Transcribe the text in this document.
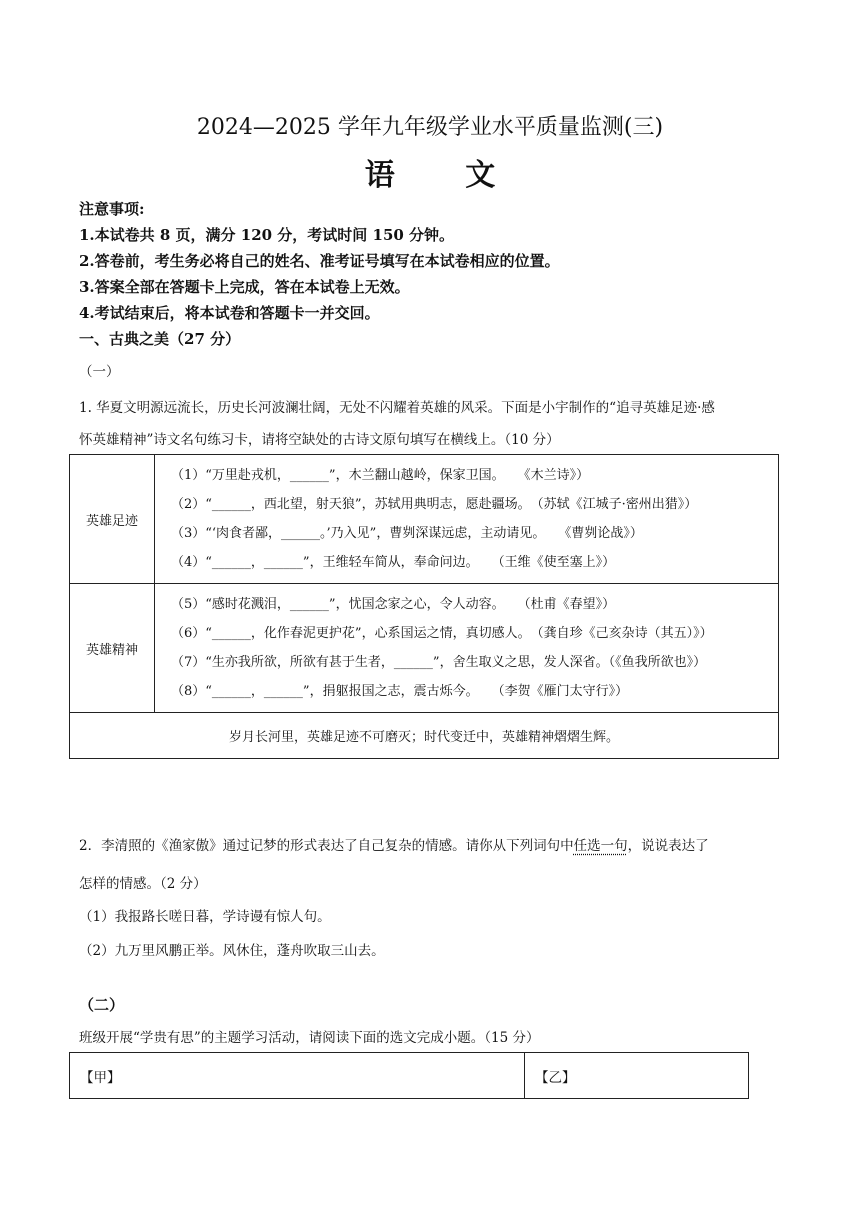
2024—2025 学年九年级学业水平质量监测(三)
语 文
注意事项:
1.本试卷共 8 页，满分 120 分，考试时间 150 分钟。
2.答卷前，考生务必将自己的姓名、准考证号填写在本试卷相应的位置。
3.答案全部在答题卡上完成，答在本试卷上无效。
4.考试结束后，将本试卷和答题卡一并交回。
一、古典之美（27 分）
（一）
1. 华夏文明源远流长，历史长河波澜壮阔，无处不闪耀着英雄的风采。下面是小宇制作的“追寻英雄足迹·感
怀英雄精神”诗文名句练习卡，请将空缺处的古诗文原句填写在横线上。（10 分）
英雄足迹	（1）“万里赴戎机，______”，木兰翻山越岭，保家卫国。　　《木兰诗》）
（2）“______，西北望，射天狼”，苏轼用典明志，愿赴疆场。　（苏轼《江城子·密州出猎》）
（3）“‘肉食者鄙，______。’乃入见”，曹刿深谋远虑，主动请见。　　《曹刿论战》）
（4）“______，______”，王维轻车简从，奉命问边。　　（王维《使至塞上》）

英雄精神	（5）“感时花溅泪，______”，忧国念家之心，令人动容。　　（杜甫《春望》）
（6）“______，化作春泥更护花”，心系国运之情，真切感人。　（龚自珍《己亥杂诗（其五）》）
（7）“生亦我所欲，所欲有甚于生者，______”，舍生取义之思，发人深省。（《鱼我所欲也》）
（8）“______，______”，捐躯报国之志，震古烁今。　　（李贺《雁门太守行》）

岁月长河里，英雄足迹不可磨灭；时代变迁中，英雄精神熠熠生辉。	
2．李清照的《渔家傲》通过记梦的形式表达了自己复杂的情感。请你从下列词句中任选一句，说说表达了
怎样的情感。（2 分）
（1）我报路长嗟日暮，学诗谩有惊人句。
（2）九万里风鹏正举。风休住，蓬舟吹取三山去。
（二）
班级开展“学贵有思”的主题学习活动，请阅读下面的选文完成小题。（15 分）
【甲】	【乙】
